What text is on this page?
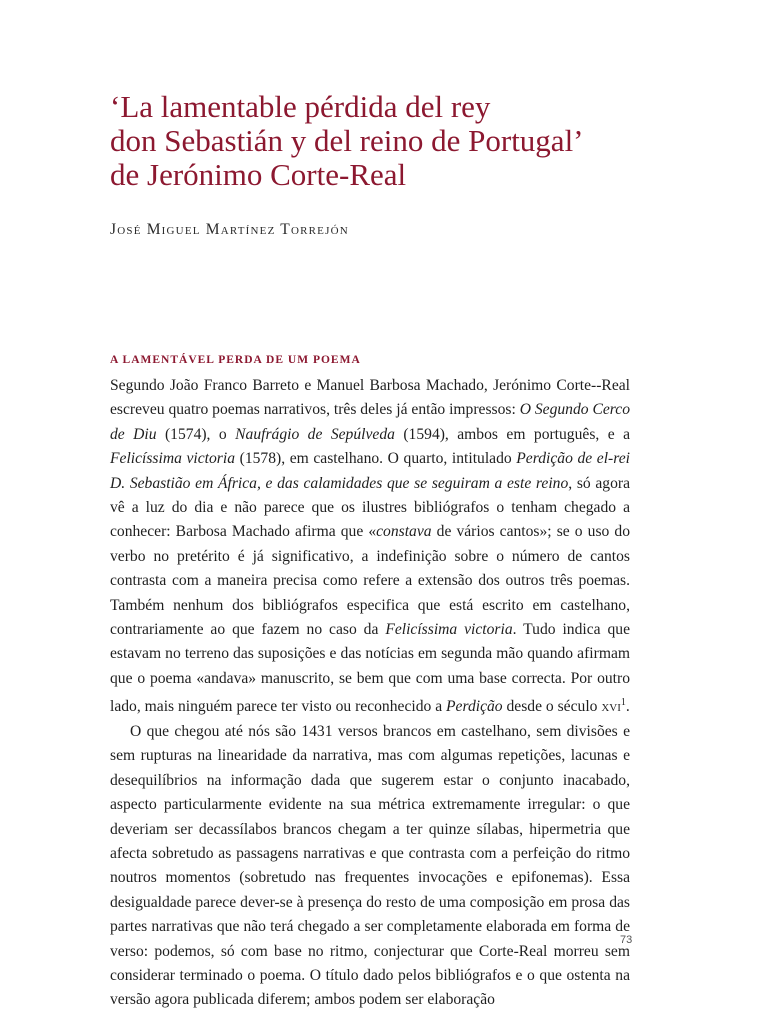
‘La lamentable pérdida del rey
don Sebastián y del reino de Portugal’
de Jerónimo Corte-Real
José Miguel Martínez Torrejón
A LAMENTÁVEL PERDA DE UM POEMA

Segundo João Franco Barreto e Manuel Barbosa Machado, Jerónimo Corte--Real escreveu quatro poemas narrativos, três deles já então impressos: O Segundo Cerco de Diu (1574), o Naufrágio de Sepúlveda (1594), ambos em português, e a Felicíssima victoria (1578), em castelhano. O quarto, intitulado Perdição de el-rei D. Sebastião em África, e das calamidades que se seguiram a este reino, só agora vê a luz do dia e não parece que os ilustres bibliógrafos o tenham chegado a conhecer: Barbosa Machado afirma que «constava de vários cantos»; se o uso do verbo no pretérito é já significativo, a indefinição sobre o número de cantos contrasta com a maneira precisa como refere a extensão dos outros três poemas. Também nenhum dos bibliógrafos especifica que está escrito em castelhano, contrariamente ao que fazem no caso da Felicíssima victoria. Tudo indica que estavam no terreno das suposições e das notícias em segunda mão quando afirmam que o poema «andava» manuscrito, se bem que com uma base correcta. Por outro lado, mais ninguém parece ter visto ou reconhecido a Perdição desde o século xvi$^1$.

O que chegou até nós são 1431 versos brancos em castelhano, sem divisões e sem rupturas na linearidade da narrativa, mas com algumas repetições, lacunas e desequilíbrios na informação dada que sugerem estar o conjunto inacabado, aspecto particularmente evidente na sua métrica extremamente irregular: o que deveriam ser decassílabos brancos chegam a ter quinze sílabas, hipermetria que afecta sobretudo as passagens narrativas e que contrasta com a perfeição do ritmo noutros momentos (sobretudo nas frequentes invocações e epifonemas). Essa desigualdade parece dever-se à presença do resto de uma composição em prosa das partes narrativas que não terá chegado a ser completamente elaborada em forma de verso: podemos, só com base no ritmo, conjecturar que Corte-Real morreu sem considerar terminado o poema. O título dado pelos bibliógrafos e o que ostenta na versão agora publicada diferem; ambos podem ser elaboração

73
